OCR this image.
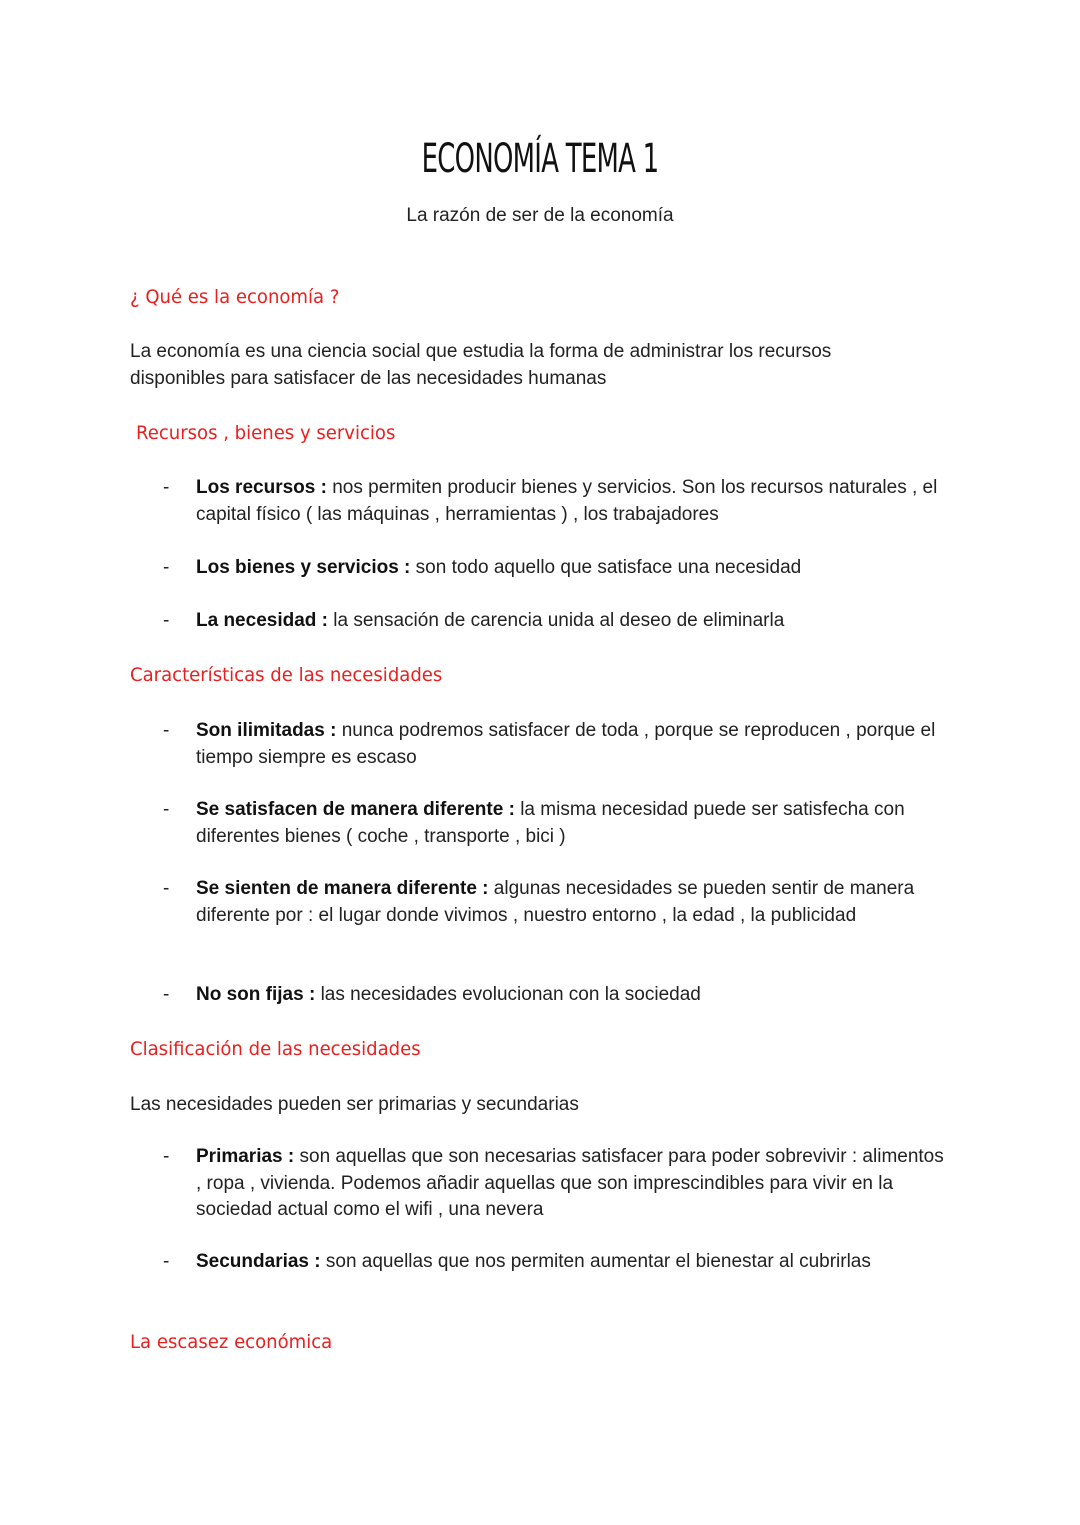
ECONOMÍA TEMA 1
La razón de ser de la economía
¿ Qué es la economía ?
La economía es una ciencia social que estudia la forma de administrar los recursos disponibles para satisfacer de las necesidades humanas
Recursos , bienes y servicios
-	Los recursos : nos permiten producir bienes y servicios. Son los recursos naturales , el capital físico ( las máquinas , herramientas ) , los trabajadores
-	Los bienes y servicios : son todo aquello que satisface una necesidad
-	La necesidad : la sensación de carencia unida al deseo de eliminarla
Características de las necesidades
-	Son ilimitadas : nunca podremos satisfacer de toda , porque se reproducen , porque el tiempo siempre es escaso
-	Se satisfacen de manera diferente : la misma necesidad puede ser satisfecha con diferentes bienes ( coche , transporte , bici )
-	Se sienten de manera diferente : algunas necesidades se pueden sentir de manera diferente por : el lugar donde vivimos , nuestro entorno , la edad , la publicidad
-	No son fijas : las necesidades evolucionan con la sociedad
Clasificación de las necesidades
Las necesidades pueden ser primarias y secundarias
-	Primarias : son aquellas que son necesarias satisfacer para poder sobrevivir : alimentos , ropa , vivienda. Podemos añadir aquellas que son imprescindibles para vivir en la sociedad actual como el wifi , una nevera
-	Secundarias : son aquellas que nos permiten aumentar el bienestar al cubrirlas
La escasez económica
